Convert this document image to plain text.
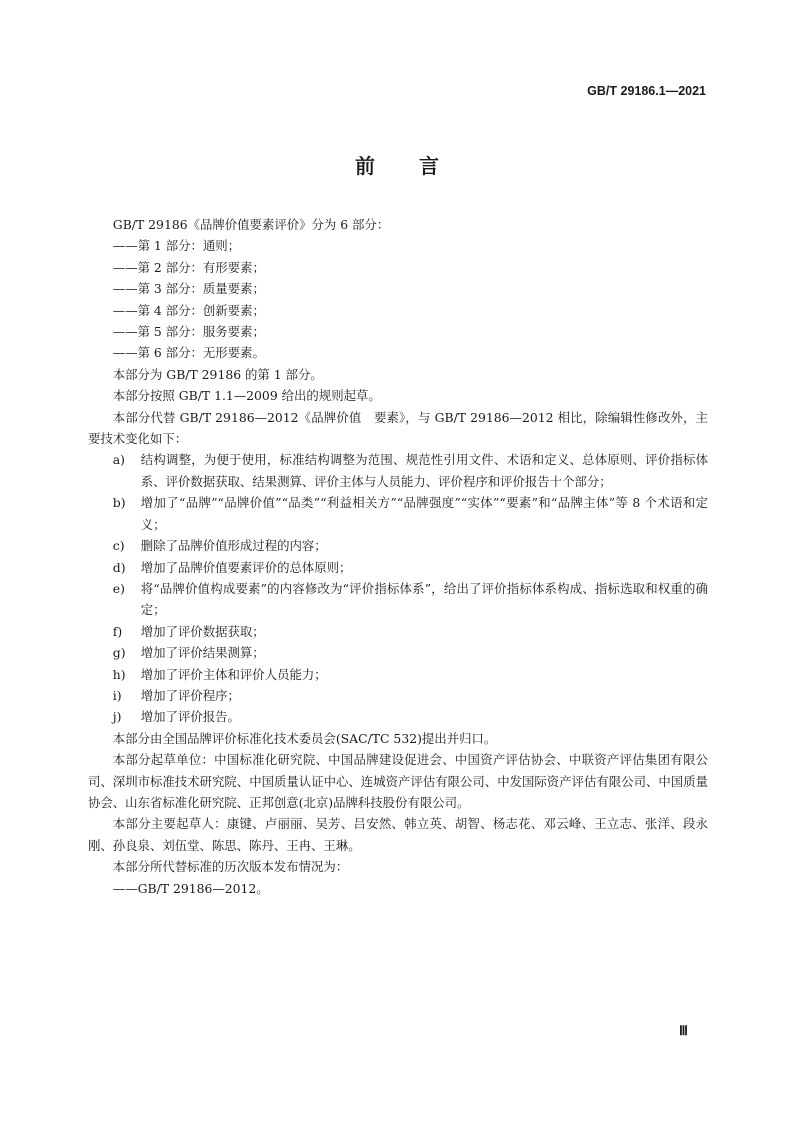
GB/T 29186.1—2021
前言

GB/T 29186《品牌价值要素评价》分为 6 部分：

——第 1 部分：通则；

——第 2 部分：有形要素；

——第 3 部分：质量要素；

——第 4 部分：创新要素；

——第 5 部分：服务要素；

——第 6 部分：无形要素。

本部分为 GB/T 29186 的第 1 部分。

本部分按照 GB/T 1.1—2009 给出的规则起草。

本部分代替 GB/T 29186—2012《品牌价值　要素》，与 GB/T 29186—2012 相比，除编辑性修改外，主要技术变化如下：

a)	结构调整，为便于使用，标准结构调整为范围、规范性引用文件、术语和定义、总体原则、评价指标体系、评价数据获取、结果测算、评价主体与人员能力、评价程序和评价报告十个部分；
b)	增加了“品牌”“品牌价值”“品类”“利益相关方”“品牌强度”“实体”“要素”和“品牌主体”等 8 个术语和定义；
c)	删除了品牌价值形成过程的内容；
d)	增加了品牌价值要素评价的总体原则；
e)	将“品牌价值构成要素”的内容修改为“评价指标体系”，给出了评价指标体系构成、指标选取和权重的确定；
f)	增加了评价数据获取；
g)	增加了评价结果测算；
h)	增加了评价主体和评价人员能力；
i)	增加了评价程序；
j)	增加了评价报告。

本部分由全国品牌评价标准化技术委员会(SAC/TC 532)提出并归口。

本部分起草单位：中国标准化研究院、中国品牌建设促进会、中国资产评估协会、中联资产评估集团有限公司、深圳市标准技术研究院、中国质量认证中心、连城资产评估有限公司、中发国际资产评估有限公司、中国质量协会、山东省标准化研究院、正邦创意(北京)品牌科技股份有限公司。

本部分主要起草人：康键、卢丽丽、吴芳、吕安然、韩立英、胡智、杨志花、邓云峰、王立志、张洋、段永刚、孙良泉、刘伍堂、陈思、陈丹、王冉、王琳。

本部分所代替标准的历次版本发布情况为：

——GB/T 29186—2012。

Ⅲ
